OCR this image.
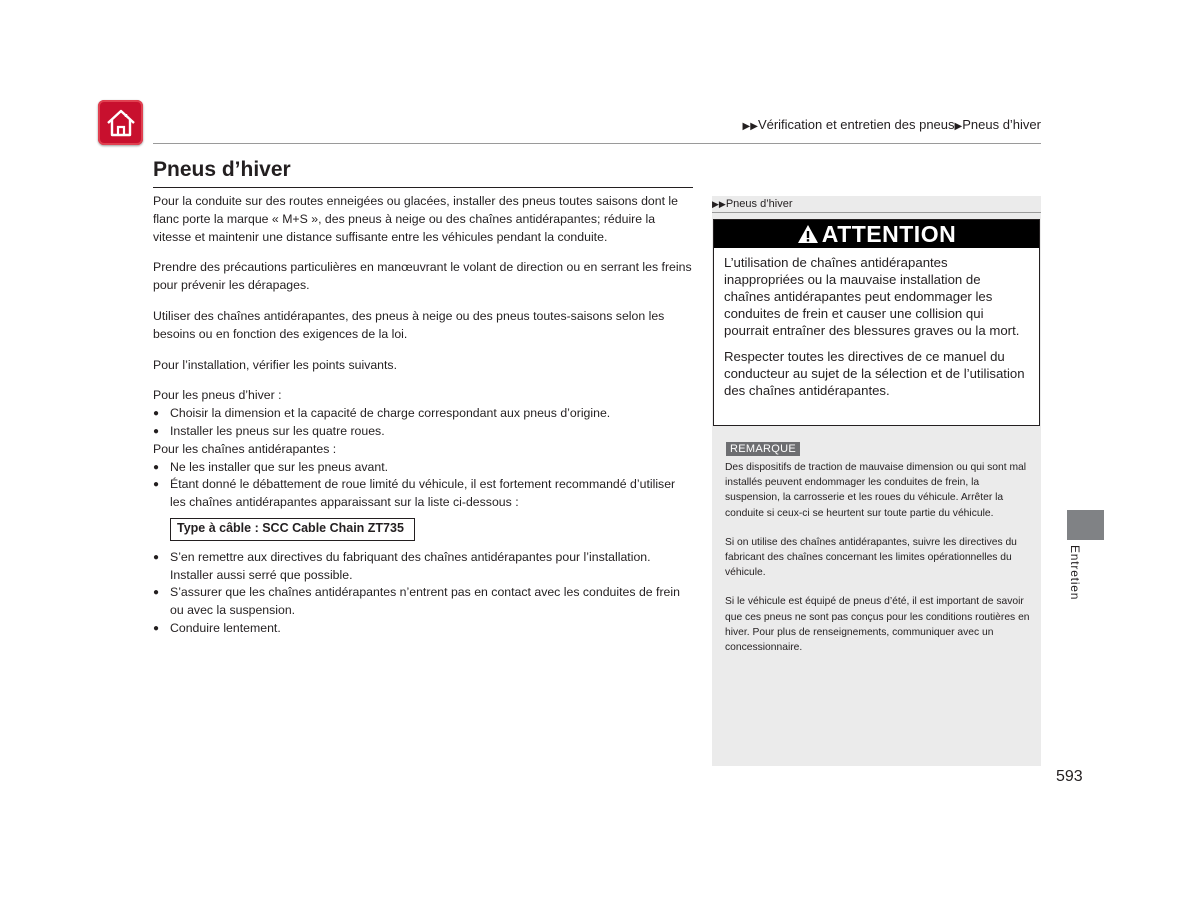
▶▶Vérification et entretien des pneus▶Pneus d’hiver
Pneus d’hiver

Pour la conduite sur des routes enneigées ou glacées, installer des pneus toutes saisons dont le flanc porte la marque « M+S », des pneus à neige ou des chaînes antidérapantes; réduire la vitesse et maintenir une distance suffisante entre les véhicules pendant la conduite.

Prendre des précautions particulières en manœuvrant le volant de direction ou en serrant les freins pour prévenir les dérapages.

Utiliser des chaînes antidérapantes, des pneus à neige ou des pneus toutes-saisons selon les besoins ou en fonction des exigences de la loi.

Pour l’installation, vérifier les points suivants.

Pour les pneus d’hiver :

● Choisir la dimension et la capacité de charge correspondant aux pneus d’origine.
● Installer les pneus sur les quatre roues.

Pour les chaînes antidérapantes :

● Ne les installer que sur les pneus avant.
● Étant donné le débattement de roue limité du véhicule, il est fortement recommandé d’utiliser les chaînes antidérapantes apparaissant sur la liste ci-dessous :
Type à câble : SCC Cable Chain ZT735
● S’en remettre aux directives du fabriquant des chaînes antidérapantes pour l’installation. Installer aussi serré que possible.
● S’assurer que les chaînes antidérapantes n’entrent pas en contact avec les conduites de frein ou avec la suspension.
● Conduire lentement.
▶▶Pneus d’hiver
ATTENTION

L’utilisation de chaînes antidérapantes inappropriées ou la mauvaise installation de chaînes antidérapantes peut endommager les conduites de frein et causer une collision qui pourrait entraîner des blessures graves ou la mort.

Respecter toutes les directives de ce manuel du conducteur au sujet de la sélection et de l’utilisation des chaînes antidérapantes.

REMARQUE

Des dispositifs de traction de mauvaise dimension ou qui sont mal installés peuvent endommager les conduites de frein, la suspension, la carrosserie et les roues du véhicule. Arrêter la conduite si ceux-ci se heurtent sur toute partie du véhicule.

Si on utilise des chaînes antidérapantes, suivre les directives du fabricant des chaînes concernant les limites opérationnelles du véhicule.

Si le véhicule est équipé de pneus d’été, il est important de savoir que ces pneus ne sont pas conçus pour les conditions routières en hiver. Pour plus de renseignements, communiquer avec un concessionnaire.

Entretien
593
